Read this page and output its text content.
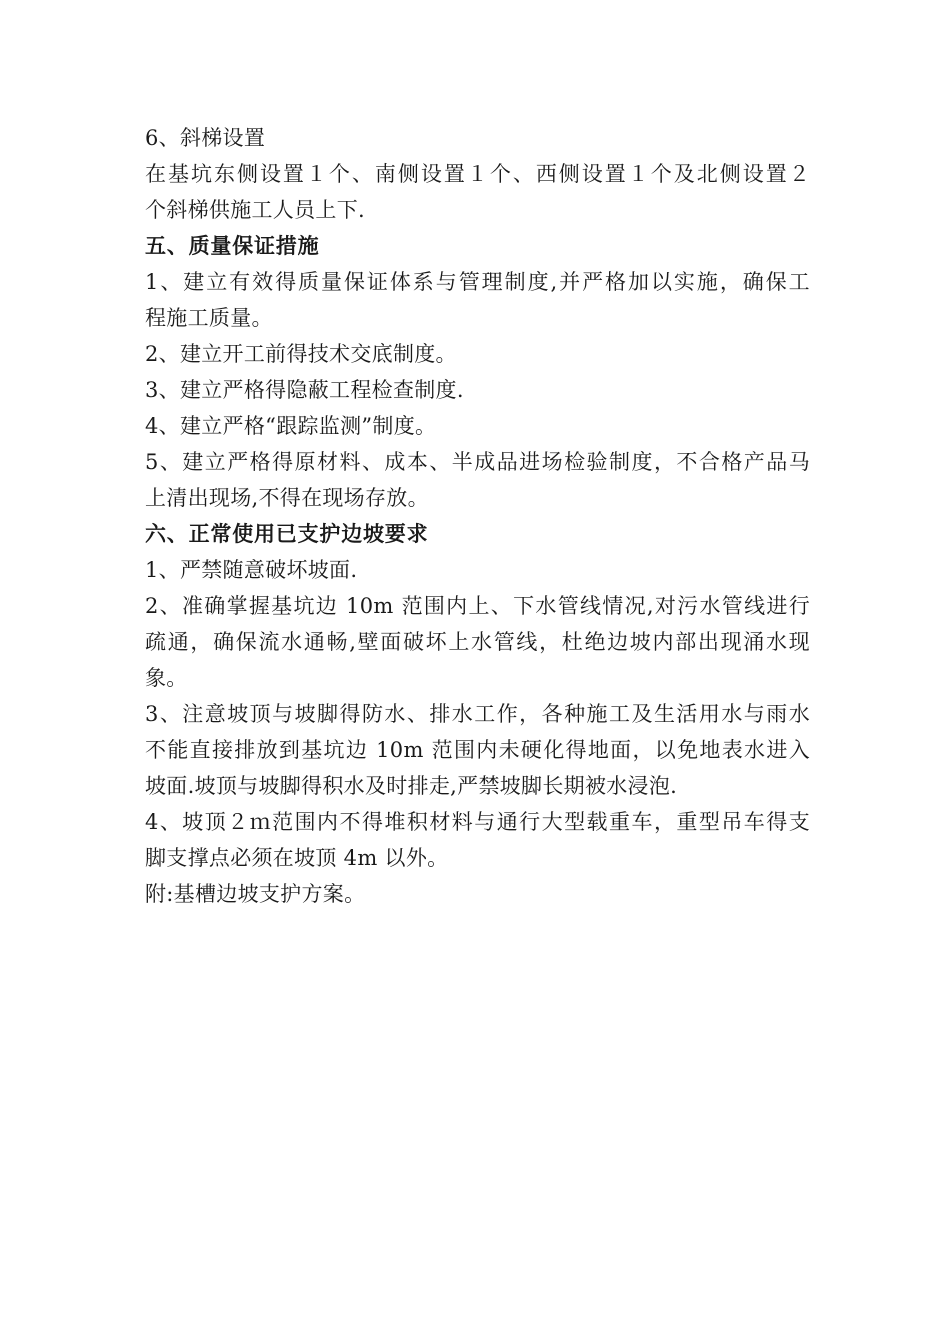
6、斜梯设置
在基坑东侧设置１个、南侧设置１个、西侧设置１个及北侧设置２
个斜梯供施工人员上下.
五、质量保证措施
1、建立有效得质量保证体系与管理制度,并严格加以实施，确保工
程施工质量。
2、建立开工前得技术交底制度。
3、建立严格得隐蔽工程检查制度.
4、建立严格“跟踪监测”制度。
5、建立严格得原材料、成本、半成品进场检验制度，不合格产品马
上清出现场,不得在现场存放。
六、正常使用已支护边坡要求
1、严禁随意破坏坡面.
2、准确掌握基坑边 10m 范围内上、下水管线情况,对污水管线进行
疏通，确保流水通畅,壁面破坏上水管线，杜绝边坡内部出现涌水现
象。
3、注意坡顶与坡脚得防水、排水工作，各种施工及生活用水与雨水
不能直接排放到基坑边 10m 范围内未硬化得地面，以免地表水进入
坡面.坡顶与坡脚得积水及时排走,严禁坡脚长期被水浸泡.
4、坡顶２ｍ范围内不得堆积材料与通行大型载重车，重型吊车得支
脚支撑点必须在坡顶 4m 以外。
附:基槽边坡支护方案。
